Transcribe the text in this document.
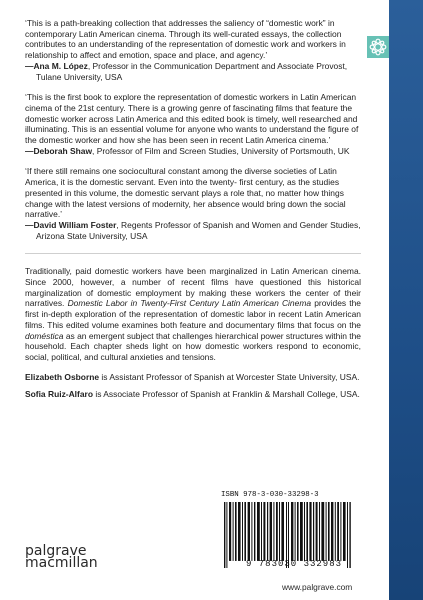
‘This is a path-breaking collection that addresses the saliency of “domestic work” in contemporary Latin American cinema. Through its well-curated essays, the collection contributes to an understanding of the representation of domestic work and workers in relationship to affect and emotion, space and place, and agency.’

—Ana M. López, Professor in the Communication Department and Associate Provost, Tulane University, USA

‘This is the first book to explore the representation of domestic workers in Latin American cinema of the 21st century. There is a growing genre of fascinating films that feature the domestic worker across Latin America and this edited book is timely, well researched and illuminating. This is an essential volume for anyone who wants to understand the figure of the domestic worker and how she has been seen in recent Latin America cinema.’

—Deborah Shaw, Professor of Film and Screen Studies, University of Portsmouth, UK

‘If there still remains one sociocultural constant among the diverse societies of Latin America, it is the domestic servant. Even into the twenty- first century, as the studies presented in this volume, the domestic servant plays a role that, no matter how things change with the latest versions of modernity, her absence would bring down the social narrative.’

—David William Foster, Regents Professor of Spanish and Women and Gender Studies, Arizona State University, USA

Traditionally, paid domestic workers have been marginalized in Latin American cinema. Since 2000, however, a number of recent films have questioned this historical marginalization of domestic employment by making these workers the center of their narratives. Domestic Labor in Twenty-First Century Latin American Cinema provides the first in-depth exploration of the representation of domestic labor in recent Latin American films. This edited volume examines both feature and documentary films that focus on the doméstica as an emergent subject that challenges hierarchical power structures within the household. Each chapter sheds light on how domestic workers respond to economic, social, political, and cultural anxieties and tensions.

Elizabeth Osborne is Assistant Professor of Spanish at Worcester State University, USA.

Sofia Ruiz-Alfaro is Associate Professor of Spanish at Franklin & Marshall College, USA.

ISBN 978-3-030-33298-3
9 783030 332983
palgrave
macmillan
www.palgrave.com
